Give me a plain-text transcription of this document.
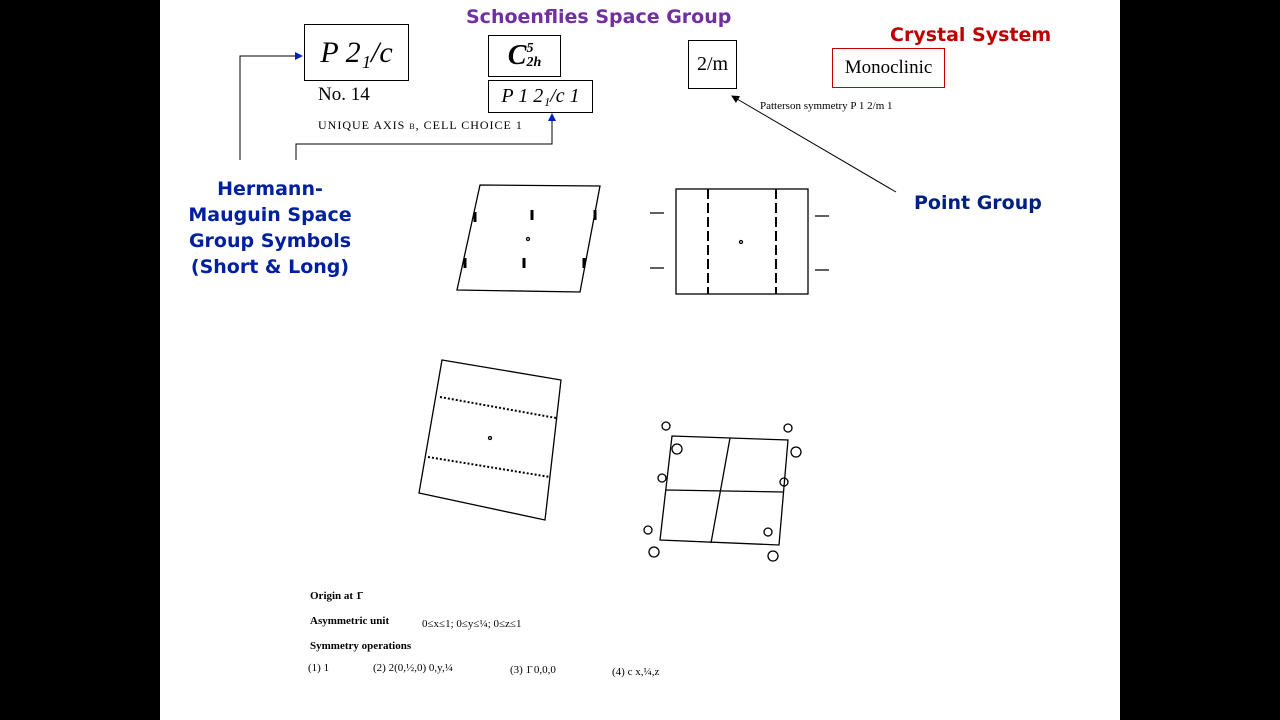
Schoenflies Space Group
Crystal System
Point Group
Hermann-
Mauguin Space
Group Symbols
(Short & Long)
P 2₁/c
No. 14
C 5
2h
P 1 2₁/c 1
UNIQUE AXIS b, CELL CHOICE 1
2/m	Monoclinic
Patterson symmetry P 1 2/m 1
Origin at 1̄
Asymmetric unit	0≤x≤1; 0≤y≤¼; 0≤z≤1
Symmetry operations
(1) 1	(2) 2(0,½,0) 0,y,¼	(3) 1̄ 0,0,0	(4) c x,¼,z
